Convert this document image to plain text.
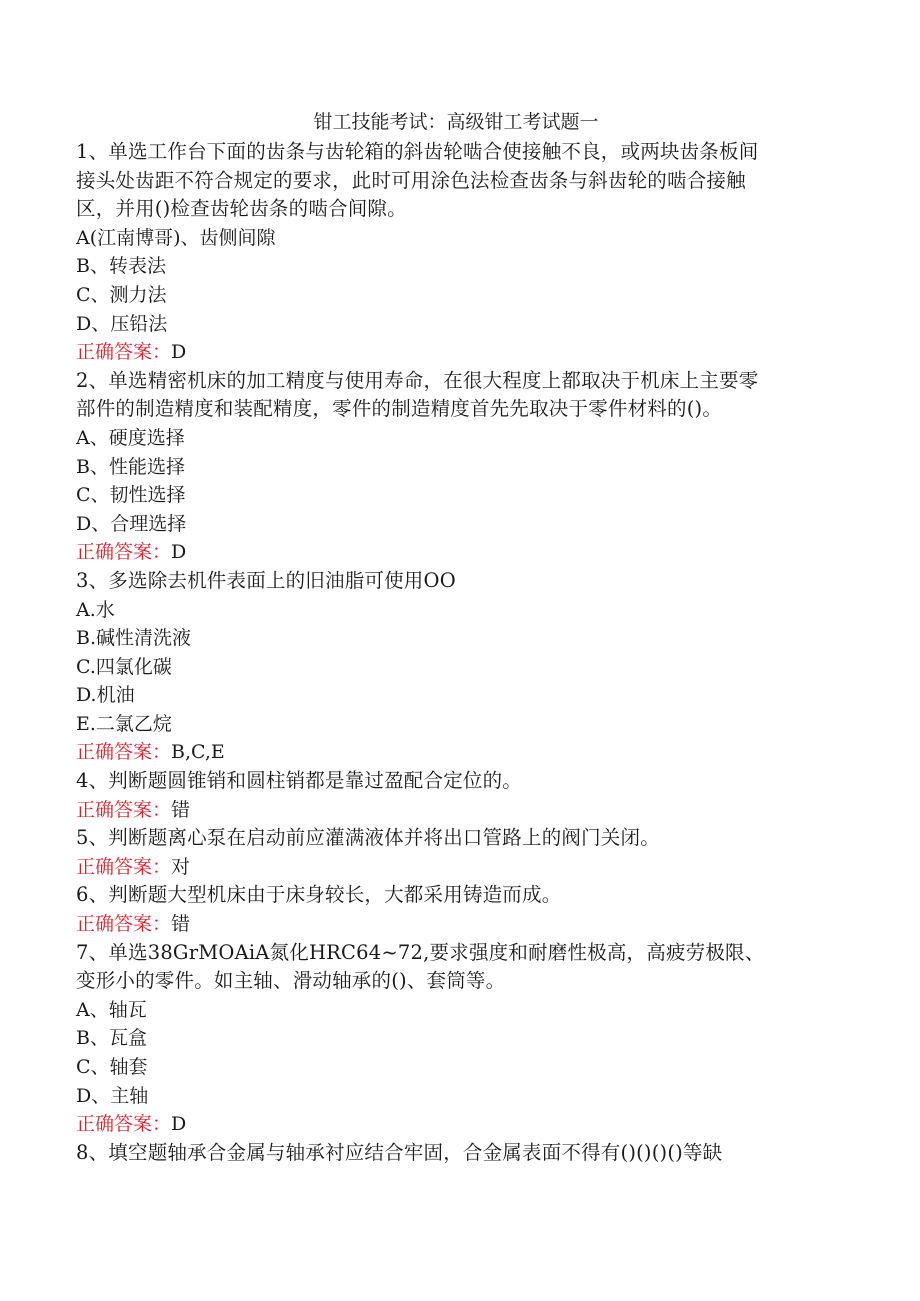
钳工技能考试：高级钳工考试题一
1、单选工作台下面的齿条与齿轮箱的斜齿轮啮合使接触不良，或两块齿条板间
接头处齿距不符合规定的要求，此时可用涂色法检查齿条与斜齿轮的啮合接触
区，并用()检查齿轮齿条的啮合间隙。
A(江南博哥)、齿侧间隙
B、转表法
C、测力法
D、压铅法
正确答案：D
2、单选精密机床的加工精度与使用寿命，在很大程度上都取决于机床上主要零
部件的制造精度和装配精度，零件的制造精度首先先取决于零件材料的()。
A、硬度选择
B、性能选择
C、韧性选择
D、合理选择
正确答案：D
3、多选除去机件表面上的旧油脂可使用OO
A.水
B.碱性清洗液
C.四氯化碳
D.机油
E.二氯乙烷
正确答案：B,C,E
4、判断题圆锥销和圆柱销都是靠过盈配合定位的。
正确答案：错
5、判断题离心泵在启动前应灌满液体并将出口管路上的阀门关闭。
正确答案：对
6、判断题大型机床由于床身较长，大都采用铸造而成。
正确答案：错
7、单选38GrMOAiA氮化HRC64~72,要求强度和耐磨性极高，高疲劳极限、
变形小的零件。如主轴、滑动轴承的()、套筒等。
A、轴瓦
B、瓦盒
C、轴套
D、主轴
正确答案：D
8、填空题轴承合金属与轴承衬应结合牢固，合金属表面不得有()()()()等缺
